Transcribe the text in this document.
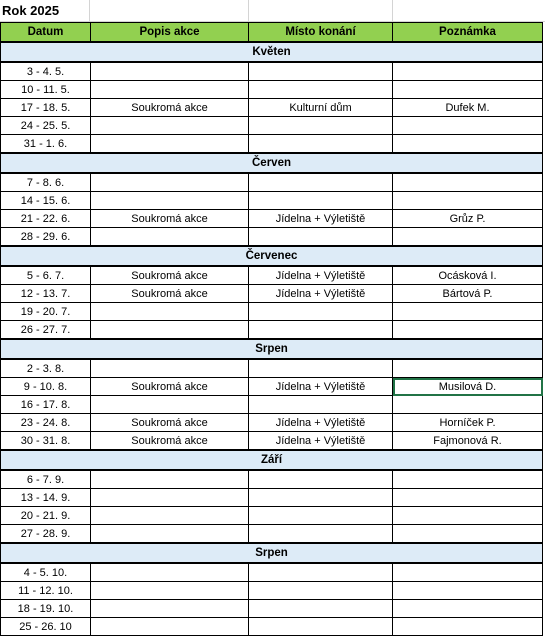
Rok 2025
Datum	Popis akce	Místo konání	Poznámka
Květen			
3 - 4. 5.			
10 - 11. 5.			
17 - 18. 5.	Soukromá akce	Kulturní dům	Dufek M.
24 - 25. 5.			
31 - 1. 6.			
Červen			
7 - 8. 6.			
14 - 15. 6.			
21 - 22. 6.	Soukromá akce	Jídelna + Výletiště	Grůz P.
28 - 29. 6.			
Červenec			
5 - 6. 7.	Soukromá akce	Jídelna + Výletiště	Ocásková I.
12 - 13. 7.	Soukromá akce	Jídelna + Výletiště	Bártová P.
19 - 20. 7.			
26 - 27. 7.			
Srpen			
2 - 3. 8.			
9 - 10. 8.	Soukromá akce	Jídelna + Výletiště	Musilová D.
16 - 17. 8.			
23 - 24. 8.	Soukromá akce	Jídelna + Výletiště	Horníček P.
30 - 31. 8.	Soukromá akce	Jídelna + Výletiště	Fajmonová R.
Září			
6 - 7. 9.			
13 - 14. 9.			
20 - 21. 9.			
27 - 28. 9.			
Srpen			
4 - 5. 10.			
11 - 12. 10.			
18 - 19. 10.			
25 - 26. 10			
